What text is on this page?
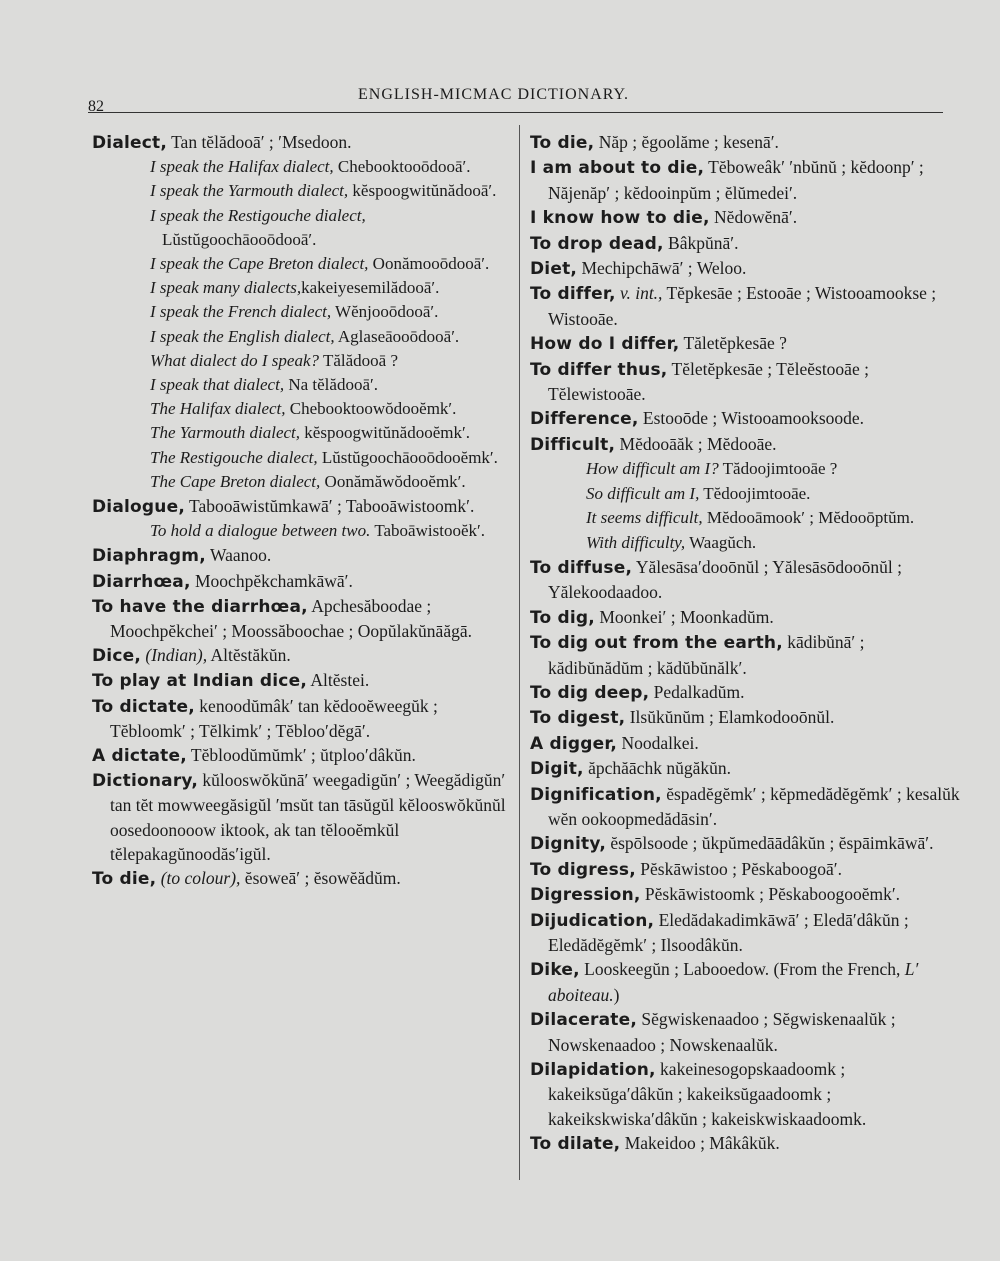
82
ENGLISH-MICMAC DICTIONARY.

Dialect, Tan tĕlădooā′ ; ′Msedoon.

I speak the Halifax dialect, Chebooktooōdooā′.

I speak the Yarmouth dialect, kĕspoogwitŭnădooā′.

I speak the Restigouche dialect, Lŭstŭgoochāooōdooā′.

I speak the Cape Breton dialect, Oonămooōdooā′.

I speak many dialects,kakeiyesemilădooā′.

I speak the French dialect, Wĕnjooōdooā′.

I speak the English dialect, Aglaseāooōdooā′.

What dialect do I speak? Tălădooā ?

I speak that dialect, Na tĕlădooā′.

The Halifax dialect, Chebooktoowŏdooĕmk′.

The Yarmouth dialect, kĕspoogwitŭnădooĕmk′.

The Restigouche dialect, Lŭstŭgoochāooōdooĕmk′.

The Cape Breton dialect, Oonămăwŏdooĕmk′.

Dialogue, Tabooāwistŭmkawā′ ; Tabooāwistoomk′.

To hold a dialogue between two. Taboāwistooĕk′.

Diaphragm, Waanoo.

Diarrhœa, Moochpĕkchamkāwā′.

To have the diarrhœa, Apchesăboodae ; Moochpĕkchei′ ; Moossăboochae ; Oopŭlakŭnāăgā.

Dice, (Indian), Altĕstăkŭn.

To play at Indian dice, Altĕstei.

To dictate, kenoodŭmâk′ tan kĕdooĕweegŭk ; Tĕbloomk′ ; Tĕlkimk′ ; Tĕbloo′dĕgā′.

A dictate, Tĕbloodŭmŭmk′ ; ŭtploo′dâkŭn.

Dictionary, kŭlooswŏkŭnā′ weegadigŭn′ ; Weegădigŭn′ tan tĕt mowweegăsigŭl ′msŭt tan tāsŭgŭl kĕlooswŏkŭnŭl oosedoonooow iktook, ak tan tĕlooĕmkŭl tĕlepakagŭnoodăs′igŭl.

To die, (to colour), ĕsoweā′ ; ĕsowĕădŭm.

To die, Năp ; ĕgoolăme ; kesenā′.

I am about to die, Tĕboweâk′ ′nbŭnŭ ; kĕdoonp′ ; Năjenăp′ ; kĕdooinpŭm ; ĕlŭmedei′.

I know how to die, Nĕdowĕnā′.

To drop dead, Bâkpŭnā′.

Diet, Mechipchāwā′ ; Weloo.

To differ, v. int., Tĕpkesāe ; Estooāe ; Wistooamookse ; Wistooāe.

How do I differ, Tăletĕpkesāe ?

To differ thus, Tĕletĕpkesāe ; Tĕleĕstooāe ; Tĕlewistooāe.

Difference, Estooōde ; Wistooamooksoode.

Difficult, Mĕdooāăk ; Mĕdooāe.

How difficult am I? Tădoojimtooāe ?

So difficult am I, Tĕdoojimtooāe.

It seems difficult, Mĕdooāmook′ ; Mĕdooōptŭm.

With difficulty, Waagŭch.

To diffuse, Yălesāsa′dooōnŭl ; Yălesāsōdooōnŭl ; Yălekoodaadoo.

To dig, Moonkei′ ; Moonkadŭm.

To dig out from the earth, kādibŭnā′ ; kădibŭnădŭm ; kădŭbŭnălk′.

To dig deep, Pedalkadŭm.

To digest, Ilsŭkŭnŭm ; Elamkodooōnŭl.

A digger, Noodalkei.

Digit, ăpchăāchk nŭgăkŭn.

Dignification, ĕspadĕgĕmk′ ; kĕpmedădĕgĕmk′ ; kesalŭk wĕn ookoopmedădāsin′.

Dignity, ĕspōlsoode ; ŭkpŭmedāādâkŭn ; ĕspāimkāwā′.

To digress, Pĕskāwistoo ; Pĕskaboogoā′.

Digression, Pĕskāwistoomk ; Pĕskaboogooĕmk′.

Dijudication, Eledădakadimkāwā′ ; Eledā′dâkŭn ; Eledădĕgĕmk′ ; Ilsoodâkŭn.

Dike, Looskeegŭn ; Labooedow. (From the French, L′ aboiteau.)

Dilacerate, Sĕgwiskenaadoo ; Sĕgwiskenaalŭk ; Nowskenaadoo ; Nowskenaalŭk.

Dilapidation, kakeinesogopskaadoomk ; kakeiksŭga′dâkŭn ; kakeiksŭgaadoomk ; kakeikskwiska′dâkŭn ; kakeiskwiskaadoomk.

To dilate, Makeidoo ; Mâkâkŭk.
